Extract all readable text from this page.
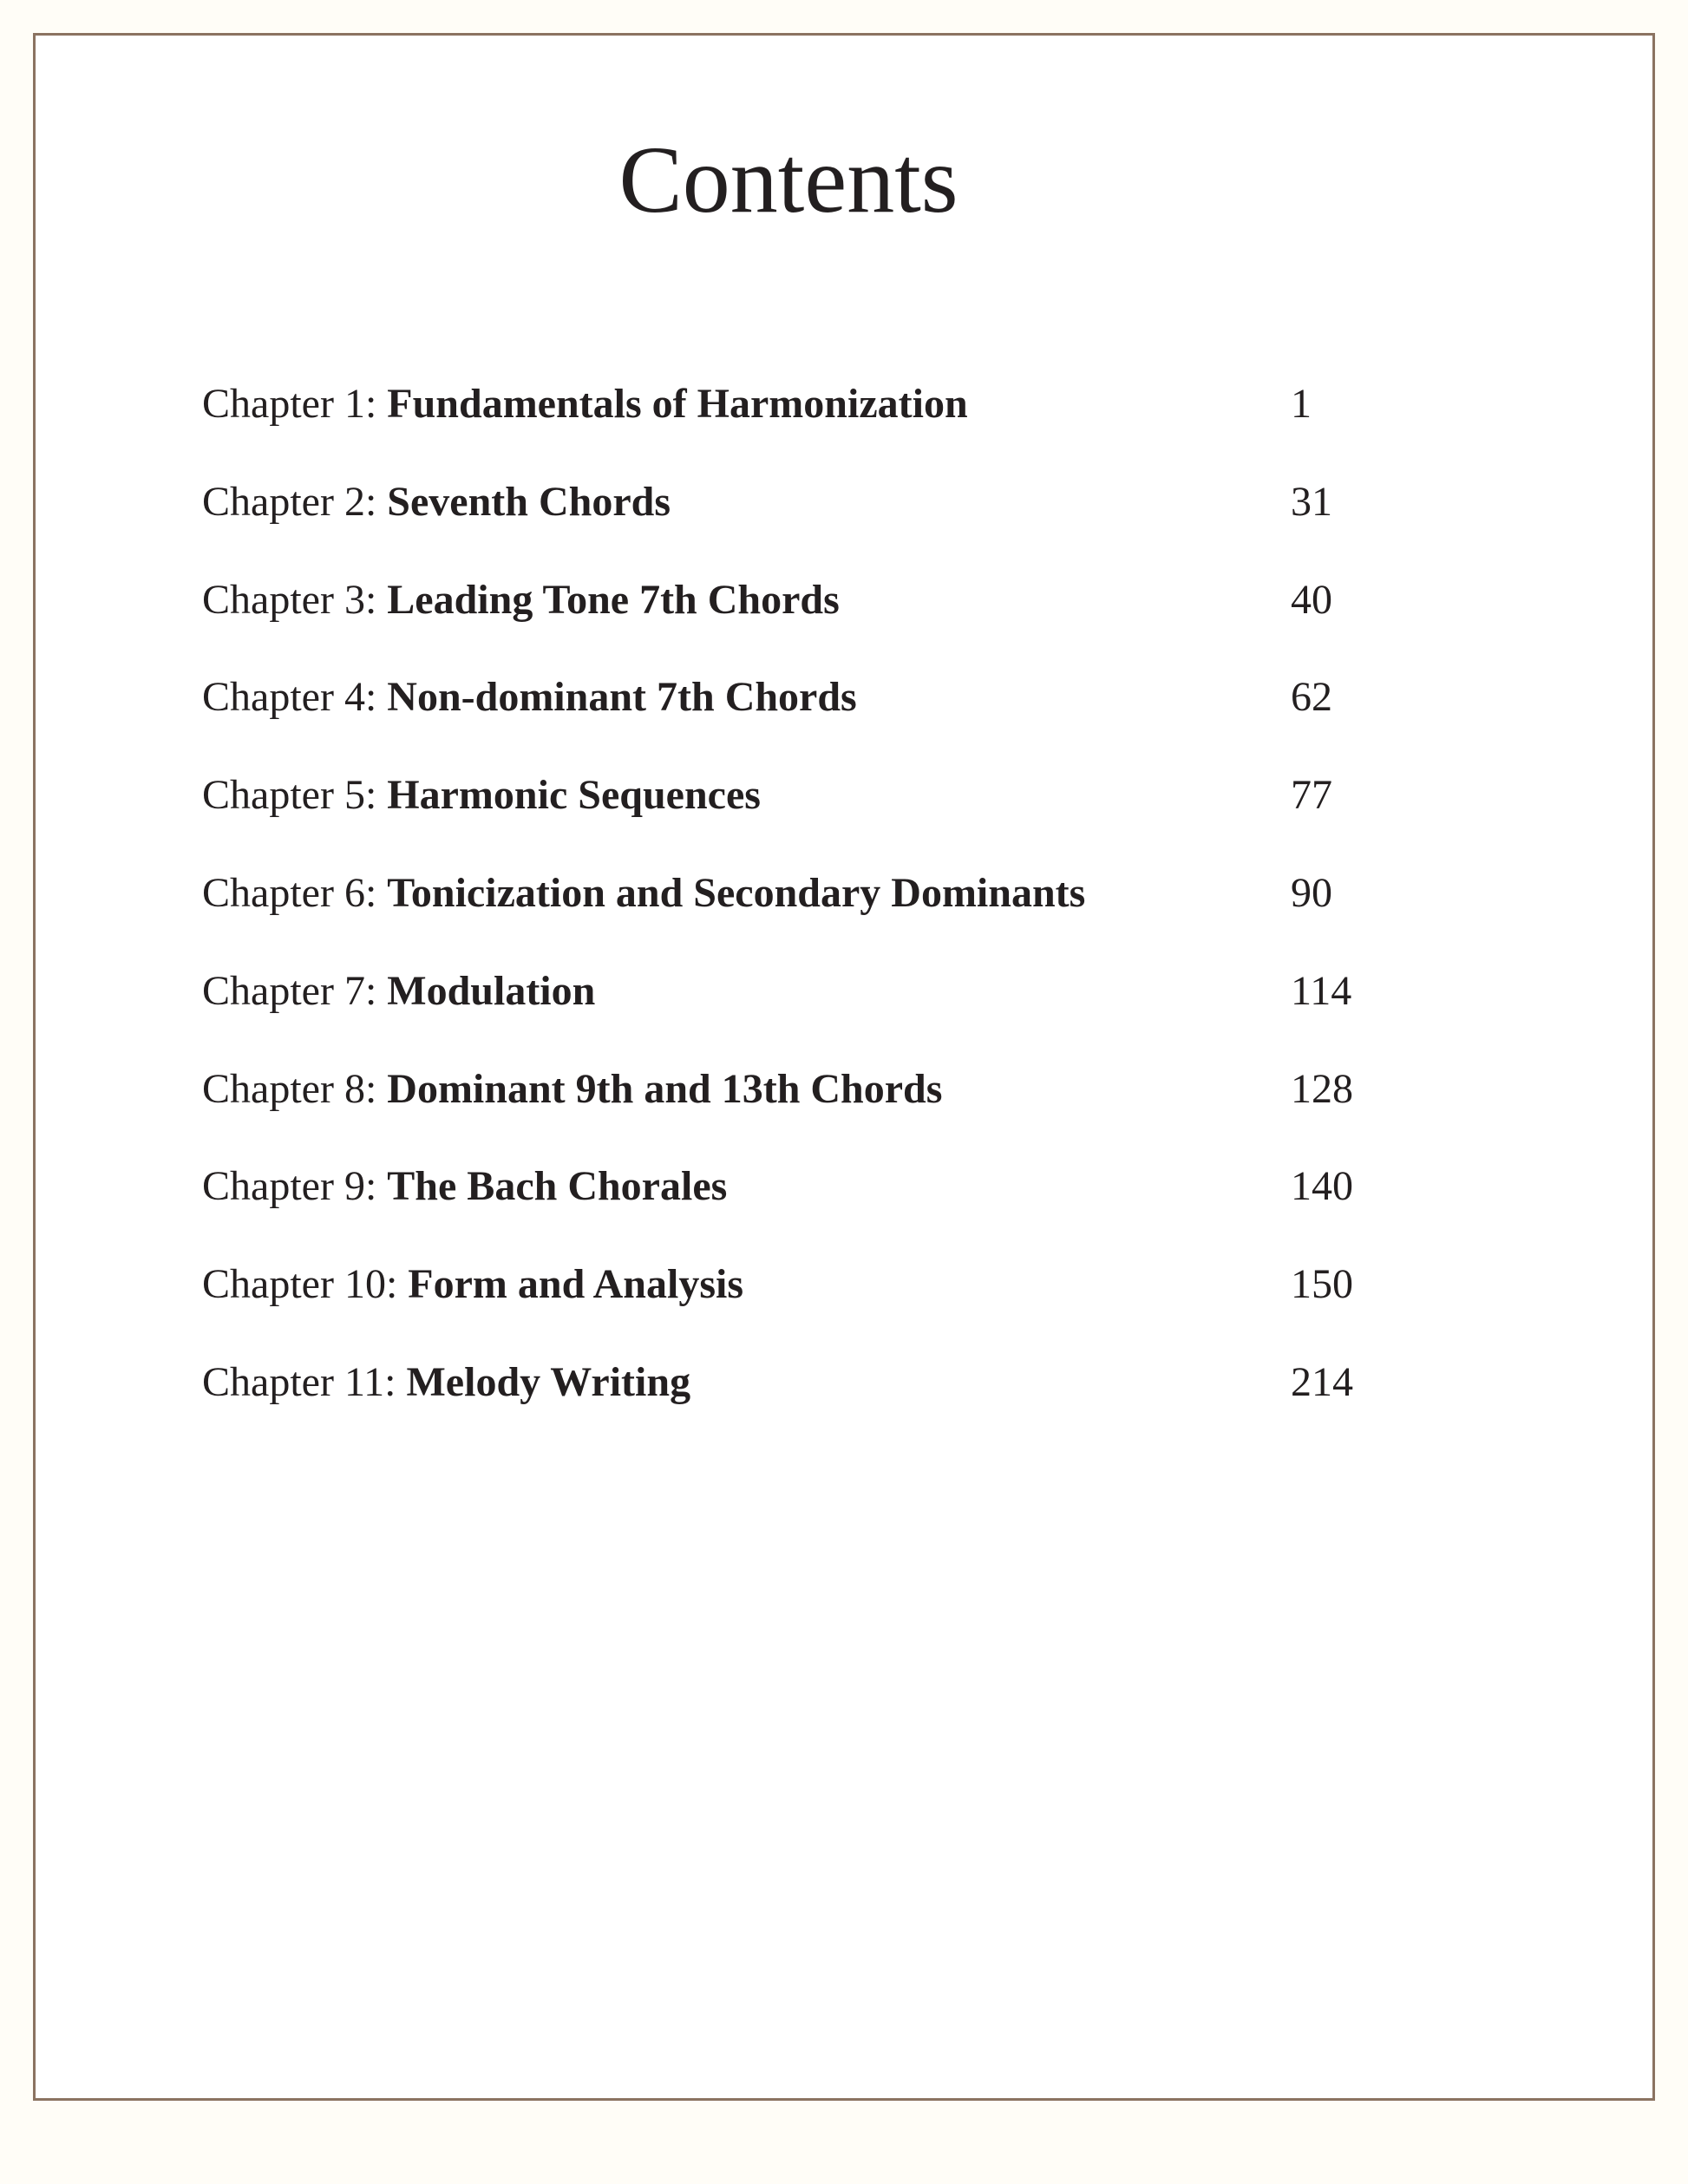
Contents
Chapter 1: Fundamentals of Harmonization	1
Chapter 2: Seventh Chords	31
Chapter 3: Leading Tone 7th Chords	40
Chapter 4: Non-dominant 7th Chords	62
Chapter 5: Harmonic Sequences	77
Chapter 6: Tonicization and Secondary Dominants	90
Chapter 7: Modulation	114
Chapter 8: Dominant 9th and 13th Chords	128
Chapter 9: The Bach Chorales	140
Chapter 10: Form and Analysis	150
Chapter 11: Melody Writing	214
